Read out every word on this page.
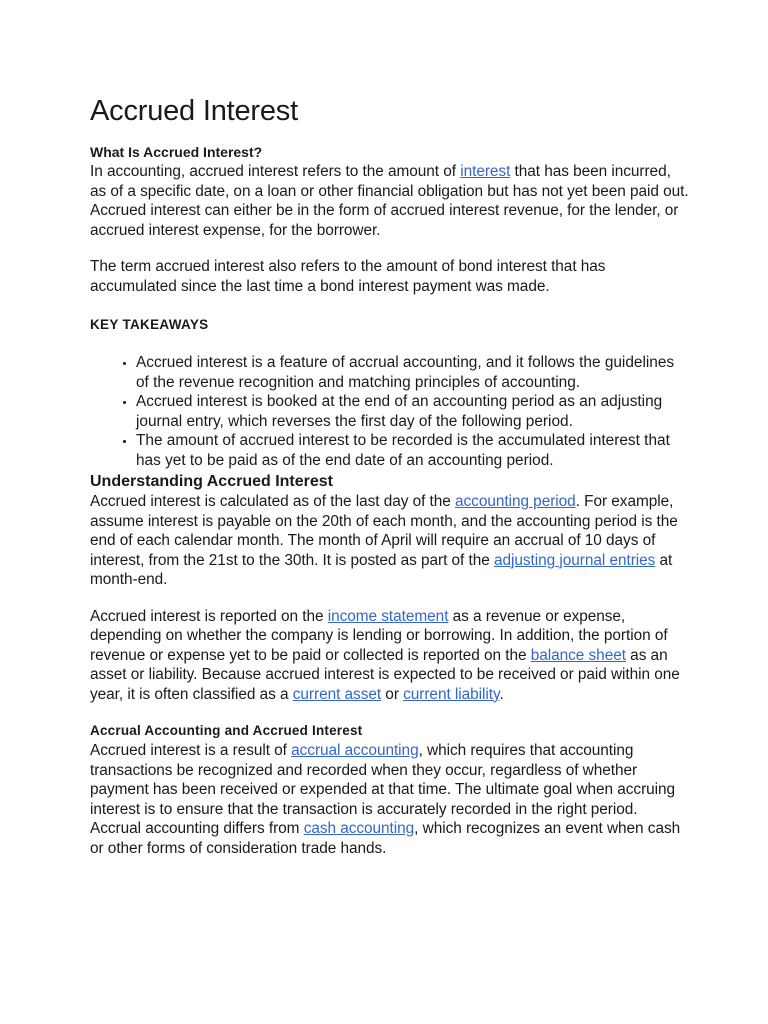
Accrued Interest
What Is Accrued Interest?

In accounting, accrued interest refers to the amount of interest that has been incurred, as of a specific date, on a loan or other financial obligation but has not yet been paid out. Accrued interest can either be in the form of accrued interest revenue, for the lender, or accrued interest expense, for the borrower.

The term accrued interest also refers to the amount of bond interest that has accumulated since the last time a bond interest payment was made.

KEY TAKEAWAYS
• Accrued interest is a feature of accrual accounting, and it follows the guidelines of the revenue recognition and matching principles of accounting.
• Accrued interest is booked at the end of an accounting period as an adjusting journal entry, which reverses the first day of the following period.
• The amount of accrued interest to be recorded is the accumulated interest that has yet to be paid as of the end date of an accounting period.
Understanding Accrued Interest

Accrued interest is calculated as of the last day of the accounting period. For example, assume interest is payable on the 20th of each month, and the accounting period is the end of each calendar month. The month of April will require an accrual of 10 days of interest, from the 21st to the 30th. It is posted as part of the adjusting journal entries at month-end.

Accrued interest is reported on the income statement as a revenue or expense, depending on whether the company is lending or borrowing. In addition, the portion of revenue or expense yet to be paid or collected is reported on the balance sheet as an asset or liability. Because accrued interest is expected to be received or paid within one year, it is often classified as a current asset or current liability.

Accrual Accounting and Accrued Interest

Accrued interest is a result of accrual accounting, which requires that accounting transactions be recognized and recorded when they occur, regardless of whether payment has been received or expended at that time. The ultimate goal when accruing interest is to ensure that the transaction is accurately recorded in the right period. Accrual accounting differs from cash accounting, which recognizes an event when cash or other forms of consideration trade hands.
